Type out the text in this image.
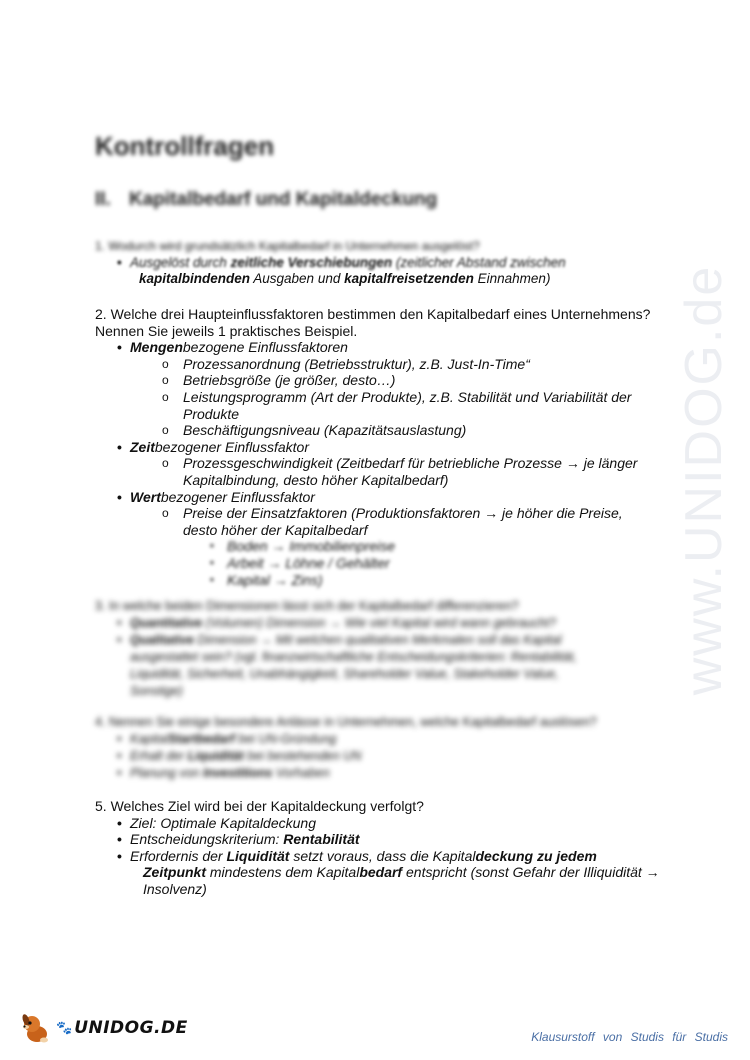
www.UNIDOG.de
Kontrollfragen
II. Kapitalbedarf und Kapitaldeckung
1. Wodurch wird grundsätzlich Kapitalbedarf in Unternehmen ausgelöst?
• Ausgelöst durch zeitliche Verschiebungen (zeitlicher Abstand zwischen
kapitalbindenden Ausgaben und kapitalfreisetzenden Einnahmen)
2. Welche drei Haupteinflussfaktoren bestimmen den Kapitalbedarf eines Unternehmens?
Nennen Sie jeweils 1 praktisches Beispiel.
• Mengenbezogene Einflussfaktoren
o Prozessanordnung (Betriebsstruktur), z.B. Just-In-Time“
o Betriebsgröße (je größer, desto…)
o Leistungsprogramm (Art der Produkte), z.B. Stabilität und Variabilität der
Produkte
o Beschäftigungsniveau (Kapazitätsauslastung)
• Zeitbezogener Einflussfaktor
o Prozessgeschwindigkeit (Zeitbedarf für betriebliche Prozesse → je länger
Kapitalbindung, desto höher Kapitalbedarf)
• Wertbezogener Einflussfaktor
o Preise der Einsatzfaktoren (Produktionsfaktoren → je höher die Preise,
desto höher der Kapitalbedarf
▪ Boden → Immobilienpreise
▪ Arbeit → Löhne / Gehälter
▪ Kapital → Zins)
3. In welche beiden Dimensionen lässt sich der Kapitalbedarf differenzieren?
• Quantitative (Volumen) Dimension → Wie viel Kapital wird wann gebraucht?
• Qualitative Dimension → Mit welchen qualitativen Merkmalen soll das Kapital
ausgestattet sein? (vgl. finanzwirtschaftliche Entscheidungskriterien: Rentabilität,
Liquidität, Sicherheit, Unabhängigkeit, Shareholder Value, Stakeholder Value,
Sonstige)
4. Nennen Sie einige besondere Anlässe in Unternehmen, welche Kapitalbedarf auslösen?
• KapitalStartbedarf bei UN-Gründung
• Erhalt der Liquidität bei bestehenden UN
• Planung von Investitions Vorhaben
5. Welches Ziel wird bei der Kapitaldeckung verfolgt?
• Ziel: Optimale Kapitaldeckung
• Entscheidungskriterium: Rentabilität
• Erfordernis der Liquidität setzt voraus, dass die Kapitaldeckung zu jedem
Zeitpunkt mindestens dem Kapitalbedarf entspricht (sonst Gefahr der Illiquidität →
Insolvenz)
🐾 UNIDOG.DE	Klausurstoff von Studis für Studis
